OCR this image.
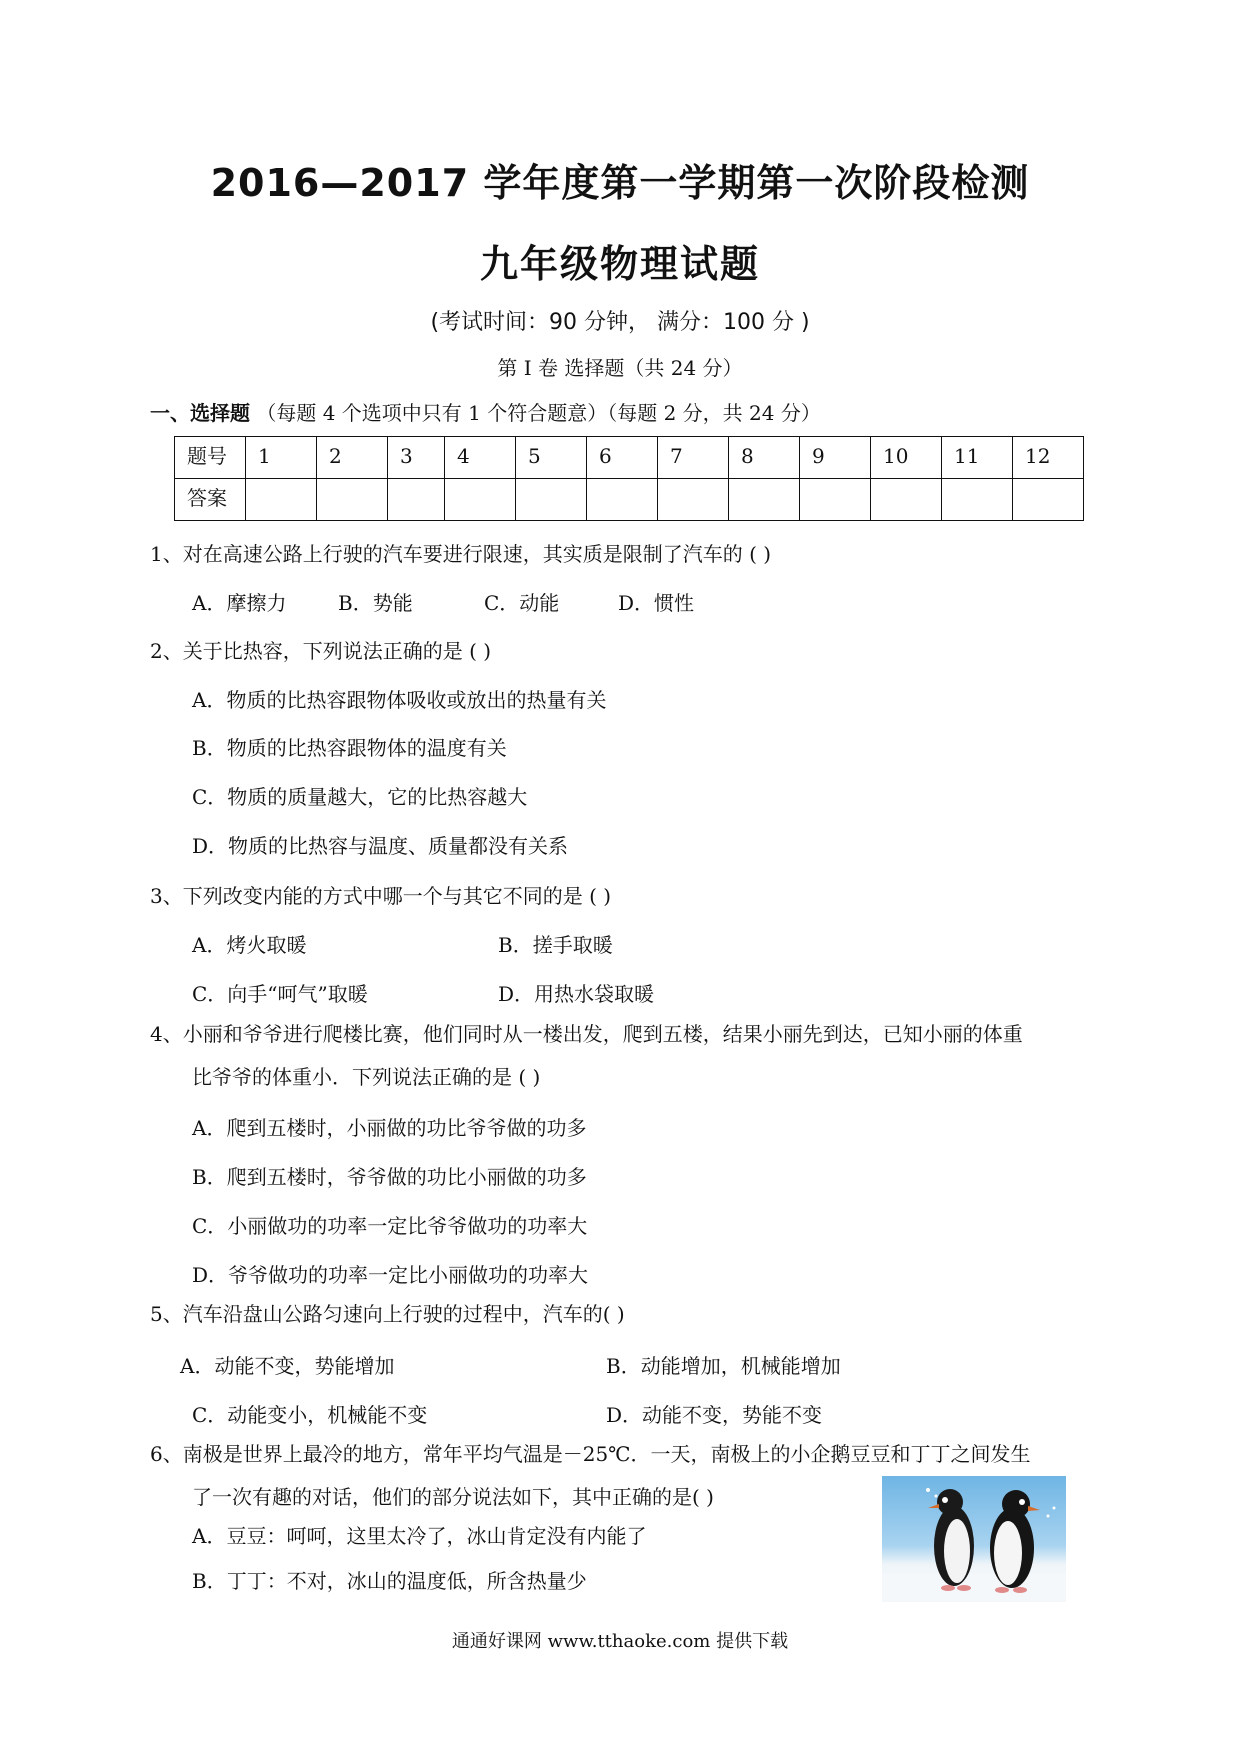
2016—2017 学年度第一学期第一次阶段检测
九年级物理试题
(考试时间：90 分钟， 满分：100 分 )
第 I 卷 选择题（共 24 分）
一、选择题 （每题 4 个选项中只有 1 个符合题意）（每题 2 分，共 24 分）
题号	1	2	3	4	5	6	7	8	9	10	11	12
答案												
1、对在高速公路上行驶的汽车要进行限速，其实质是限制了汽车的 ( )
A．摩擦力	B．势能	C．动能	D．惯性
2、关于比热容，下列说法正确的是 ( )
A．物质的比热容跟物体吸收或放出的热量有关
B．物质的比热容跟物体的温度有关
C．物质的质量越大，它的比热容越大
D．物质的比热容与温度、质量都没有关系
3、下列改变内能的方式中哪一个与其它不同的是 ( )
A．烤火取暖	B．搓手取暖
C．向手“呵气”取暖	D．用热水袋取暖
4、小丽和爷爷进行爬楼比赛，他们同时从一楼出发，爬到五楼，结果小丽先到达，已知小丽的体重
比爷爷的体重小．下列说法正确的是 ( )
A．爬到五楼时，小丽做的功比爷爷做的功多
B．爬到五楼时，爷爷做的功比小丽做的功多
C．小丽做功的功率一定比爷爷做功的功率大
D．爷爷做功的功率一定比小丽做功的功率大
5、汽车沿盘山公路匀速向上行驶的过程中，汽车的( )
A．动能不变，势能增加	B．动能增加，机械能增加
C．动能变小，机械能不变	D．动能不变，势能不变
6、南极是世界上最冷的地方，常年平均气温是－25℃．一天，南极上的小企鹅豆豆和丁丁之间发生
了一次有趣的对话，他们的部分说法如下，其中正确的是( )
A．豆豆：呵呵，这里太冷了，冰山肯定没有内能了
B．丁丁：不对，冰山的温度低，所含热量少
通通好课网 www.tthaoke.com 提供下载
